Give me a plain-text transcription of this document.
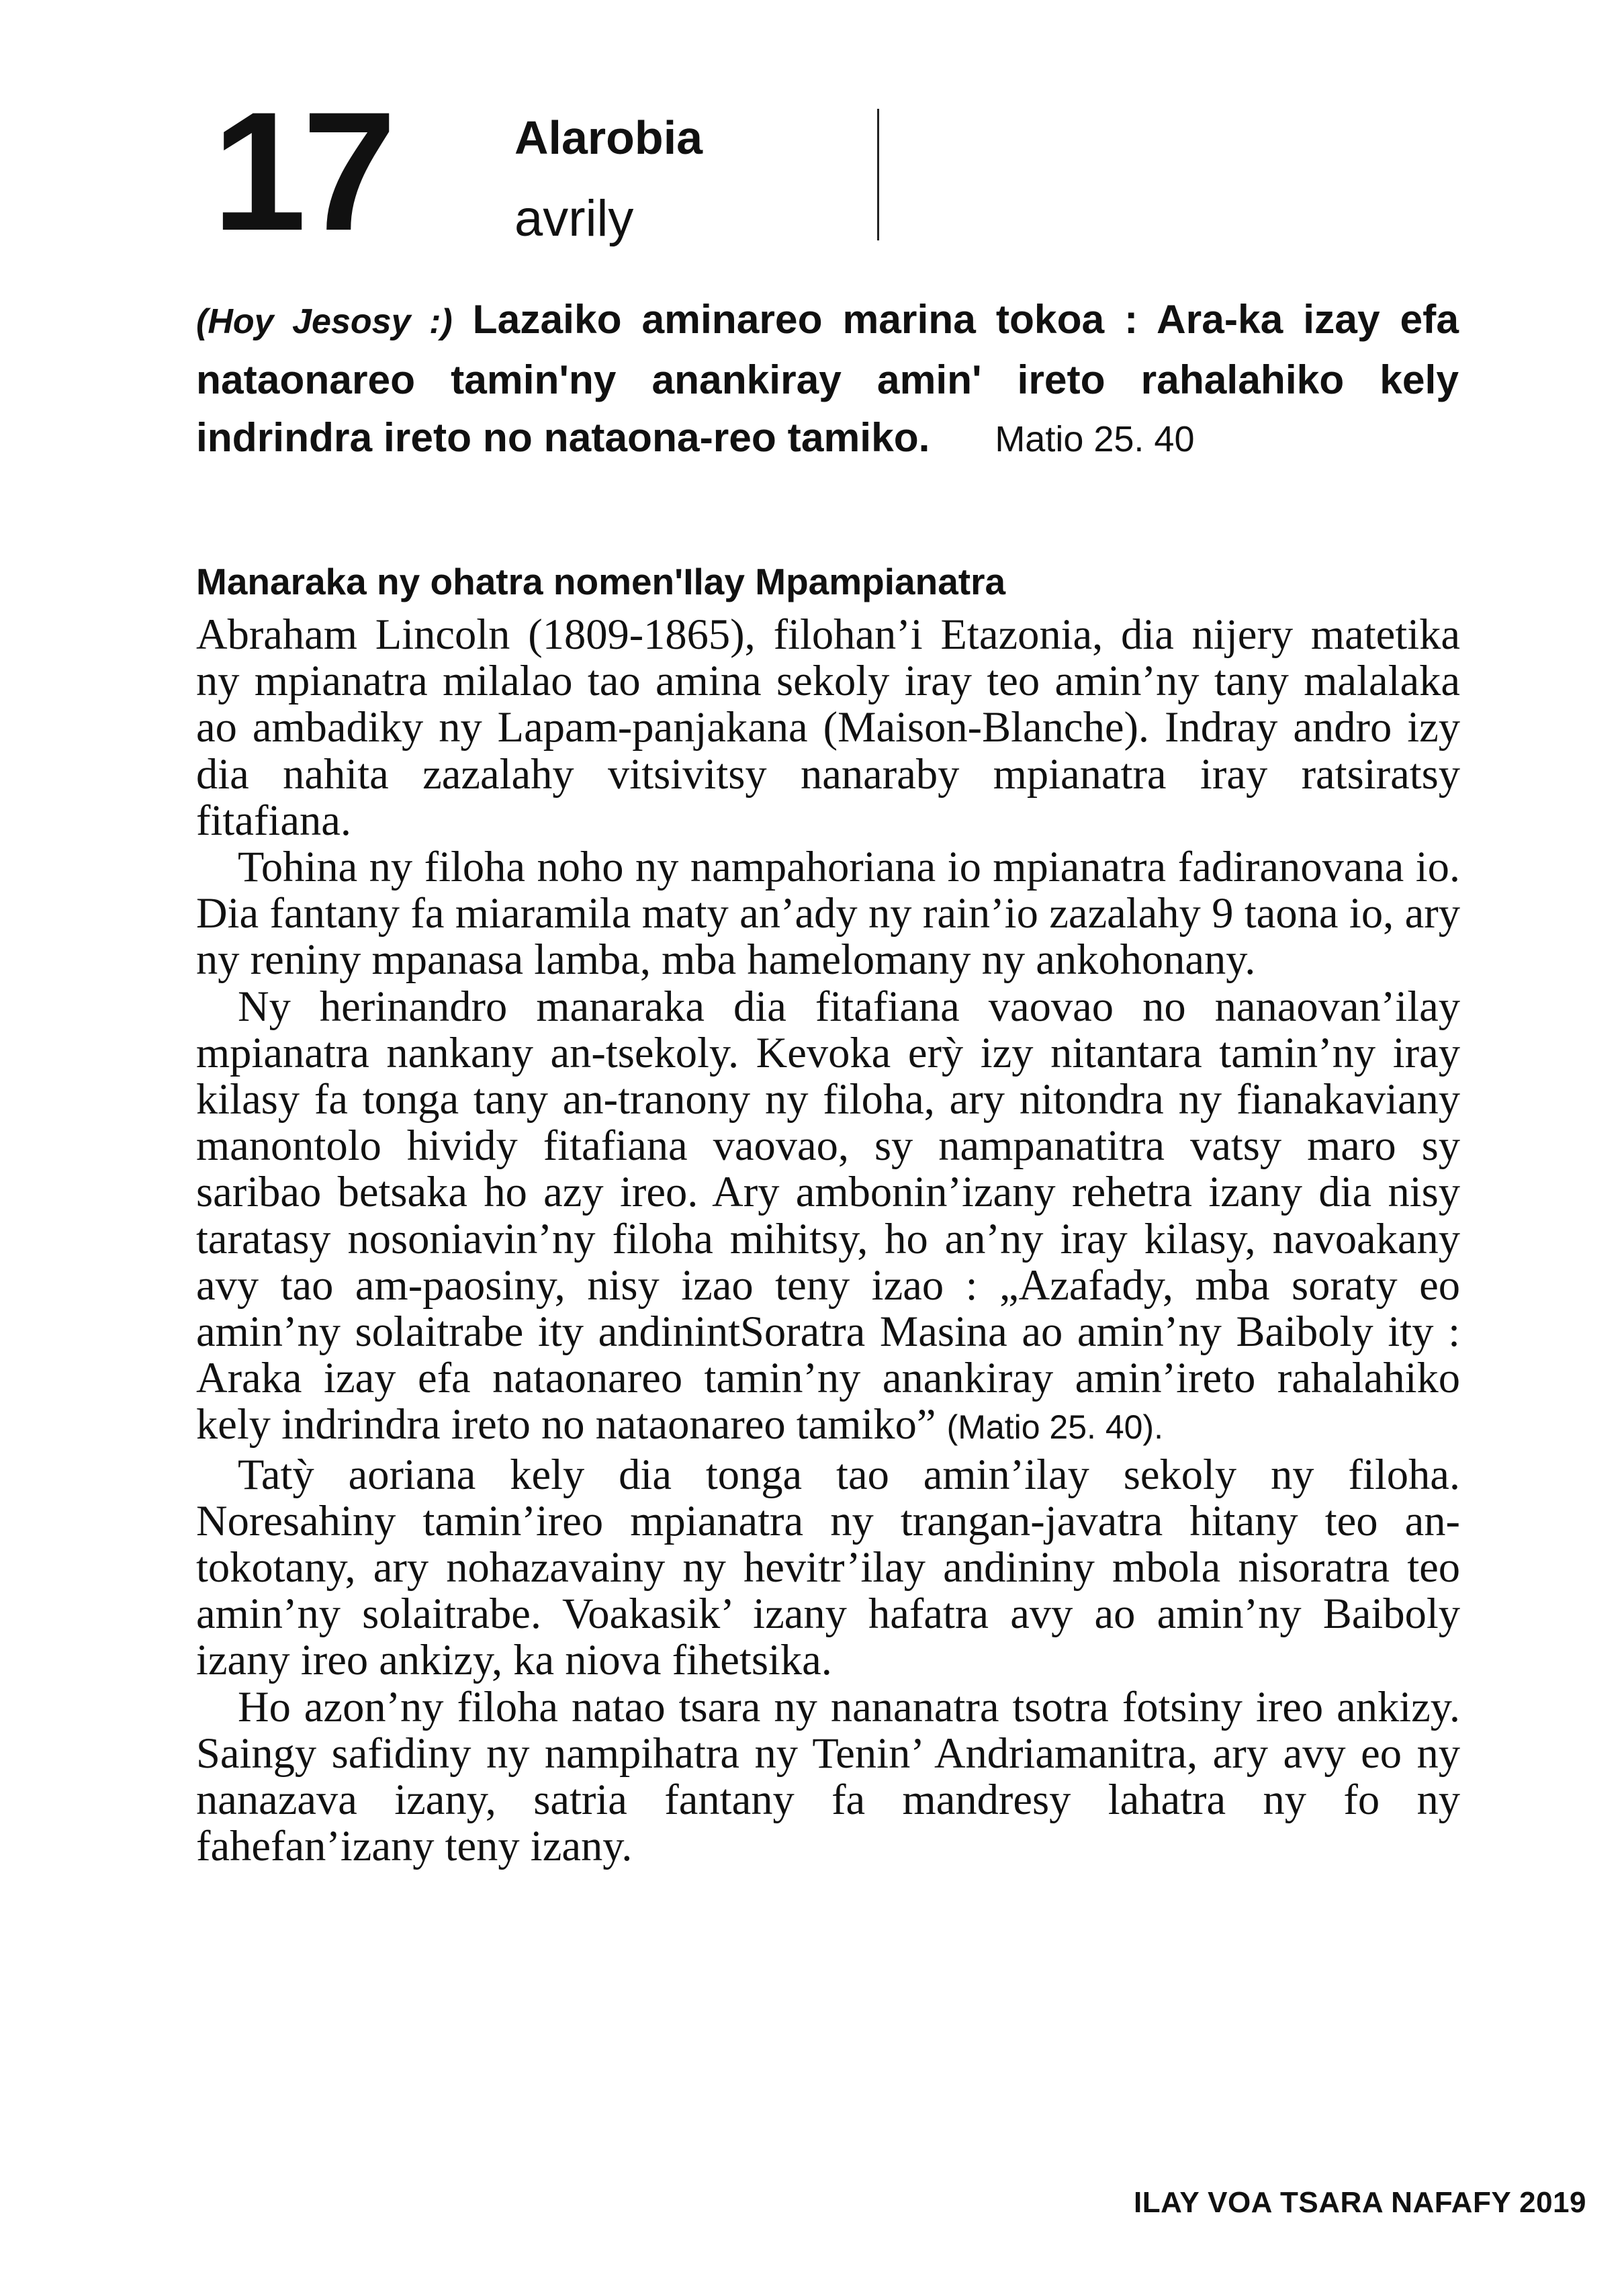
17	Alarobia
avrily

(Hoy Jesosy :) Lazaiko aminareo marina tokoa : Ara-ka izay efa nataonareo tamin'ny anankiray amin' ireto rahalahiko kely indrindra ireto no nataona-reo tamiko. Matio 25. 40

Manaraka ny ohatra nomen'Ilay Mpampianatra

Abraham Lincoln (1809-1865), filohan’i Etazonia, dia nijery matetika ny mpianatra milalao tao amina sekoly iray teo amin’ny tany malalaka ao ambadiky ny Lapam-panjakana (Maison-Blanche). Indray andro izy dia nahita zazalahy vitsivitsy nanaraby mpianatra iray ratsiratsy fitafiana.

Tohina ny filoha noho ny nampahoriana io mpianatra fadiranovana io. Dia fantany fa miaramila maty an’ady ny rain’io zazalahy 9 taona io, ary ny reniny mpanasa lamba, mba hamelomany ny ankohonany.

Ny herinandro manaraka dia fitafiana vaovao no nanaovan’ilay mpianatra nankany an-tsekoly. Kevoka erỳ izy nitantara tamin’ny iray kilasy fa tonga tany an-tranony ny filoha, ary nitondra ny fianakaviany manontolo hividy fitafiana vaovao, sy nampanatitra vatsy maro sy saribao betsaka ho azy ireo. Ary ambonin’izany rehetra izany dia nisy taratasy nosoniavin’ny filoha mihitsy, ho an’ny iray kilasy, navoakany avy tao am-paosiny, nisy izao teny izao : „Azafady, mba soraty eo amin’ny solaitrabe ity andinintSoratra Masina ao amin’ny Baiboly ity : Araka izay efa nataonareo tamin’ny anankiray amin’ireto rahalahiko kely indrindra ireto no nataonareo tamiko” (Matio 25. 40).

Tatỳ aoriana kely dia tonga tao amin’ilay sekoly ny filoha. Noresahiny tamin’ireo mpianatra ny trangan-javatra hitany teo an-tokotany, ary nohazavainy ny hevitr’ilay andininy mbola nisoratra teo amin’ny solaitrabe. Voakasik’ izany hafatra avy ao amin’ny Baiboly izany ireo ankizy, ka niova fihetsika.

Ho azon’ny filoha natao tsara ny nananatra tsotra fotsiny ireo ankizy. Saingy safidiny ny nampihatra ny Tenin’ Andriamanitra, ary avy eo ny nanazava izany, satria fantany fa mandresy lahatra ny fo ny fahefan’izany teny izany.

ILAY VOA TSARA NAFAFY 2019
